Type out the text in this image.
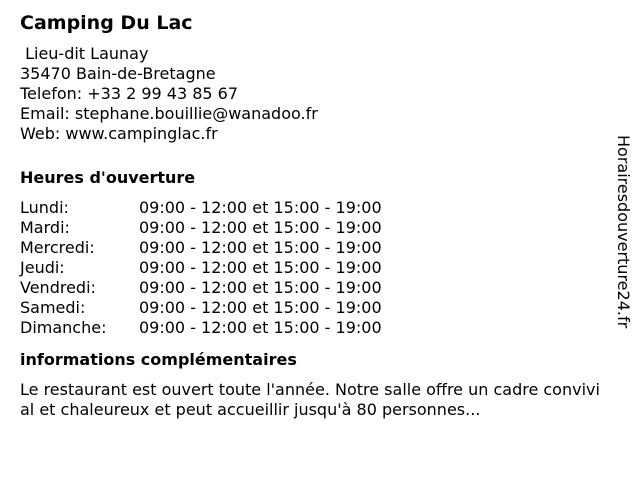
Camping Du Lac
Lieu-dit Launay
35470 Bain-de-Bretagne
Telefon: +33 2 99 43 85 67
Email: stephane.bouillie@wanadoo.fr
Web: www.campinglac.fr
Heures d'ouverture
Lundi:	09:00 - 12:00 et 15:00 - 19:00
Mardi:	09:00 - 12:00 et 15:00 - 19:00
Mercredi:	09:00 - 12:00 et 15:00 - 19:00
Jeudi:	09:00 - 12:00 et 15:00 - 19:00
Vendredi:	09:00 - 12:00 et 15:00 - 19:00
Samedi:	09:00 - 12:00 et 15:00 - 19:00
Dimanche:	09:00 - 12:00 et 15:00 - 19:00
informations complémentaires
Le restaurant est ouvert toute l'année. Notre salle offre un cadre convivial et chaleureux et peut accueillir jusqu'à 80 personnes...
Horairesdouverture24.fr
